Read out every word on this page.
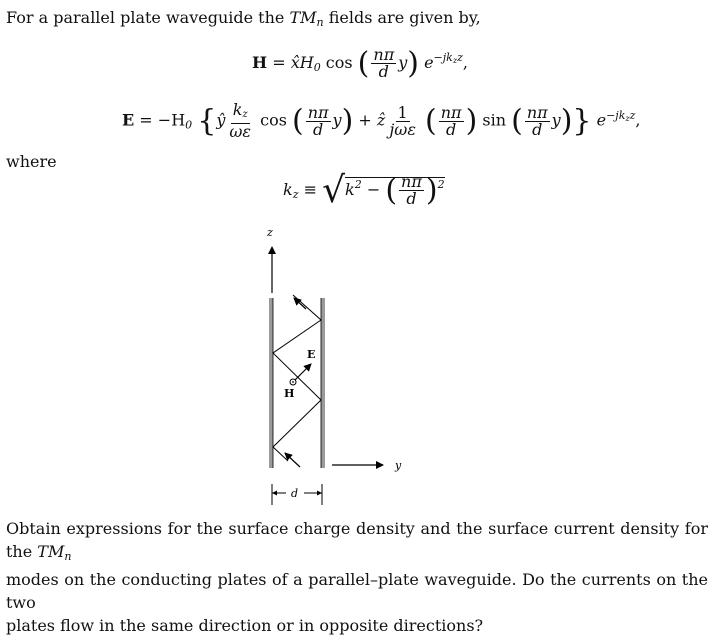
For a parallel plate waveguide the $TM_n$ fields are given by,
$H = x̂H_0$ cos ( $\frac{n\pi}{d} y$) $e^{-jkzz}$,
$E = -H_0$ {ŷ $\frac{kz}{\omega\varepsilon}$ cos ( $\frac{n\pi}{d} y$) + ẑ $\frac{1}{\text{jωε}}$ ( $\frac{n\pi}{d}$ ) sin ( $\frac{n\pi}{d} y$)} $e^{-jkzz}$,
where
$k_z \equiv √k^2$ − ( $\frac{n\pi}{d} )^2$
z
E
H
y
d
Obtain expressions for the surface charge density and the surface current density for the $TM_n$
modes on the conducting plates of a parallel–plate waveguide. Do the currents on the two
plates flow in the same direction or in opposite directions?
